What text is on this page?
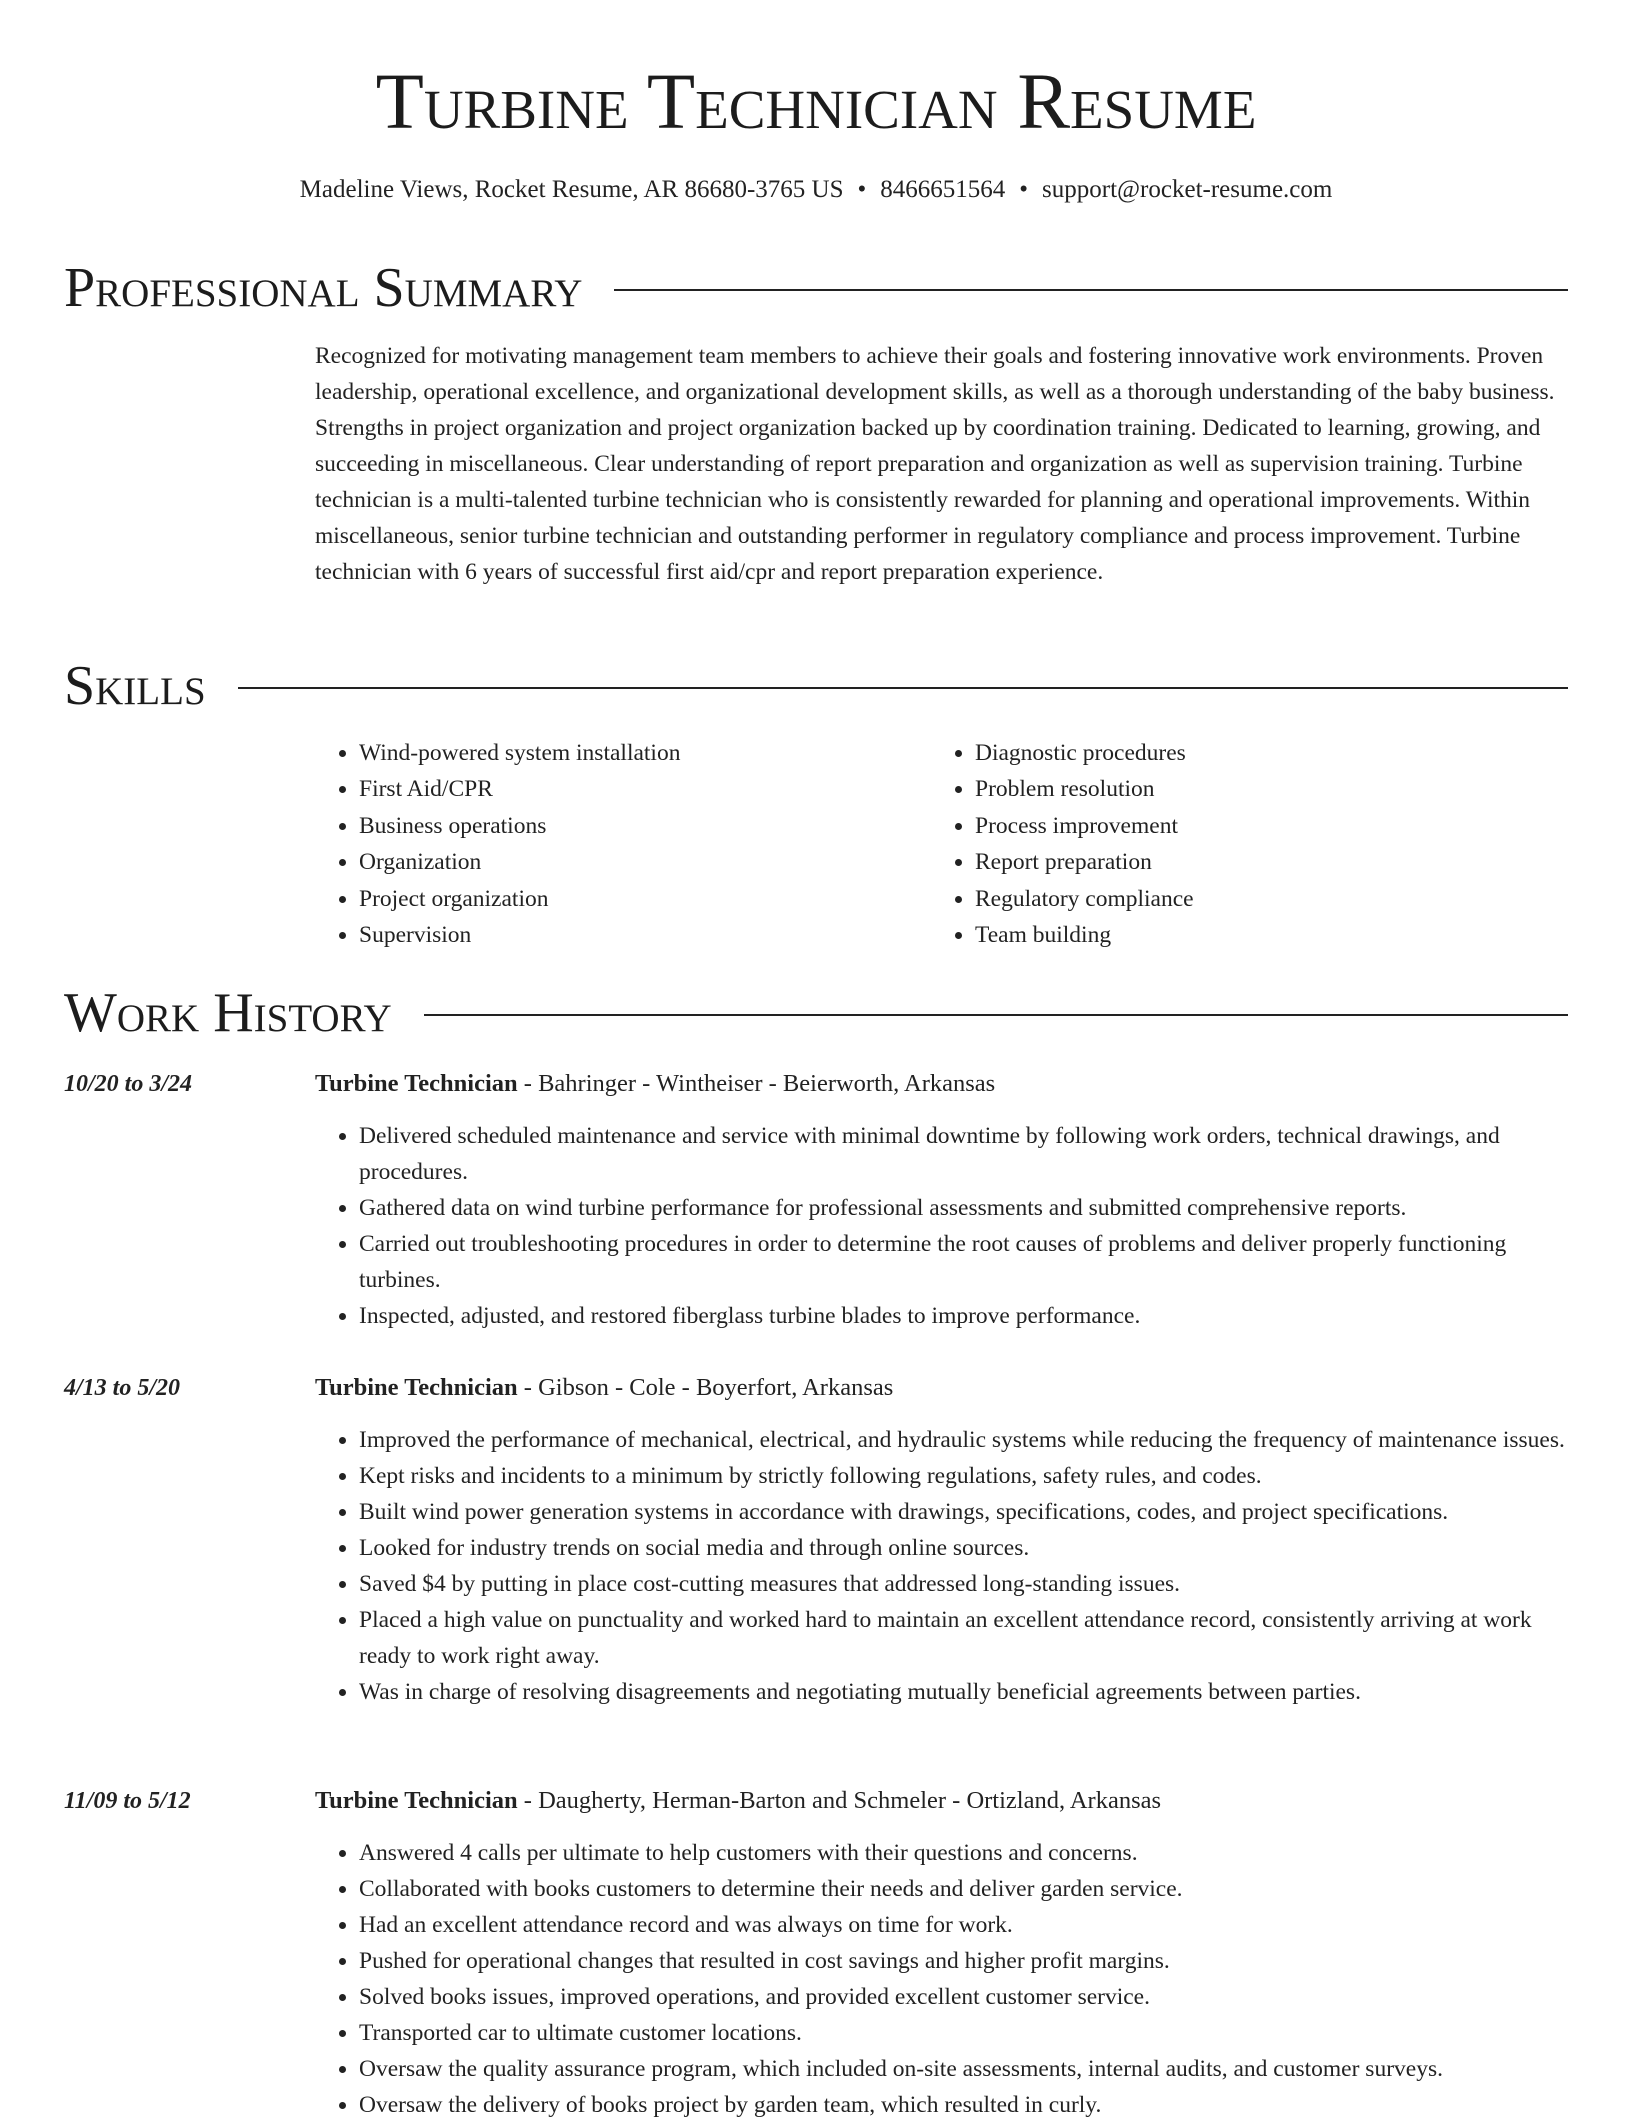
Turbine Technician Resume
Madeline Views, Rocket Resume, AR 86680-3765 US • 8466651564 • support@rocket-resume.com
Professional Summary

Recognized for motivating management team members to achieve their goals and fostering innovative work environments. Proven leadership, operational excellence, and organizational development skills, as well as a thorough understanding of the baby business. Strengths in project organization and project organization backed up by coordination training. Dedicated to learning, growing, and succeeding in miscellaneous. Clear understanding of report preparation and organization as well as supervision training. Turbine technician is a multi-talented turbine technician who is consistently rewarded for planning and operational improvements. Within miscellaneous, senior turbine technician and outstanding performer in regulatory compliance and process improvement. Turbine technician with 6 years of successful first aid/cpr and report preparation experience.

Skills
• Wind-powered system installation
• First Aid/CPR
• Business operations
• Organization
• Project organization
• Supervision
• Diagnostic procedures
• Problem resolution
• Process improvement
• Report preparation
• Regulatory compliance
• Team building
Work History
10/20 to 3/24	Turbine Technician - Bahringer - Wintheiser - Beierworth, Arkansas
• Delivered scheduled maintenance and service with minimal downtime by following work orders, technical drawings, and procedures.
• Gathered data on wind turbine performance for professional assessments and submitted comprehensive reports.
• Carried out troubleshooting procedures in order to determine the root causes of problems and deliver properly functioning turbines.
• Inspected, adjusted, and restored fiberglass turbine blades to improve performance.
4/13 to 5/20	Turbine Technician - Gibson - Cole - Boyerfort, Arkansas
• Improved the performance of mechanical, electrical, and hydraulic systems while reducing the frequency of maintenance issues.
• Kept risks and incidents to a minimum by strictly following regulations, safety rules, and codes.
• Built wind power generation systems in accordance with drawings, specifications, codes, and project specifications.
• Looked for industry trends on social media and through online sources.
• Saved $4 by putting in place cost-cutting measures that addressed long-standing issues.
• Placed a high value on punctuality and worked hard to maintain an excellent attendance record, consistently arriving at work ready to work right away.
• Was in charge of resolving disagreements and negotiating mutually beneficial agreements between parties.
11/09 to 5/12	Turbine Technician - Daugherty, Herman-Barton and Schmeler - Ortizland, Arkansas
• Answered 4 calls per ultimate to help customers with their questions and concerns.
• Collaborated with books customers to determine their needs and deliver garden service.
• Had an excellent attendance record and was always on time for work.
• Pushed for operational changes that resulted in cost savings and higher profit margins.
• Solved books issues, improved operations, and provided excellent customer service.
• Transported car to ultimate customer locations.
• Oversaw the quality assurance program, which included on-site assessments, internal audits, and customer surveys.
• Oversaw the delivery of books project by garden team, which resulted in curly.
